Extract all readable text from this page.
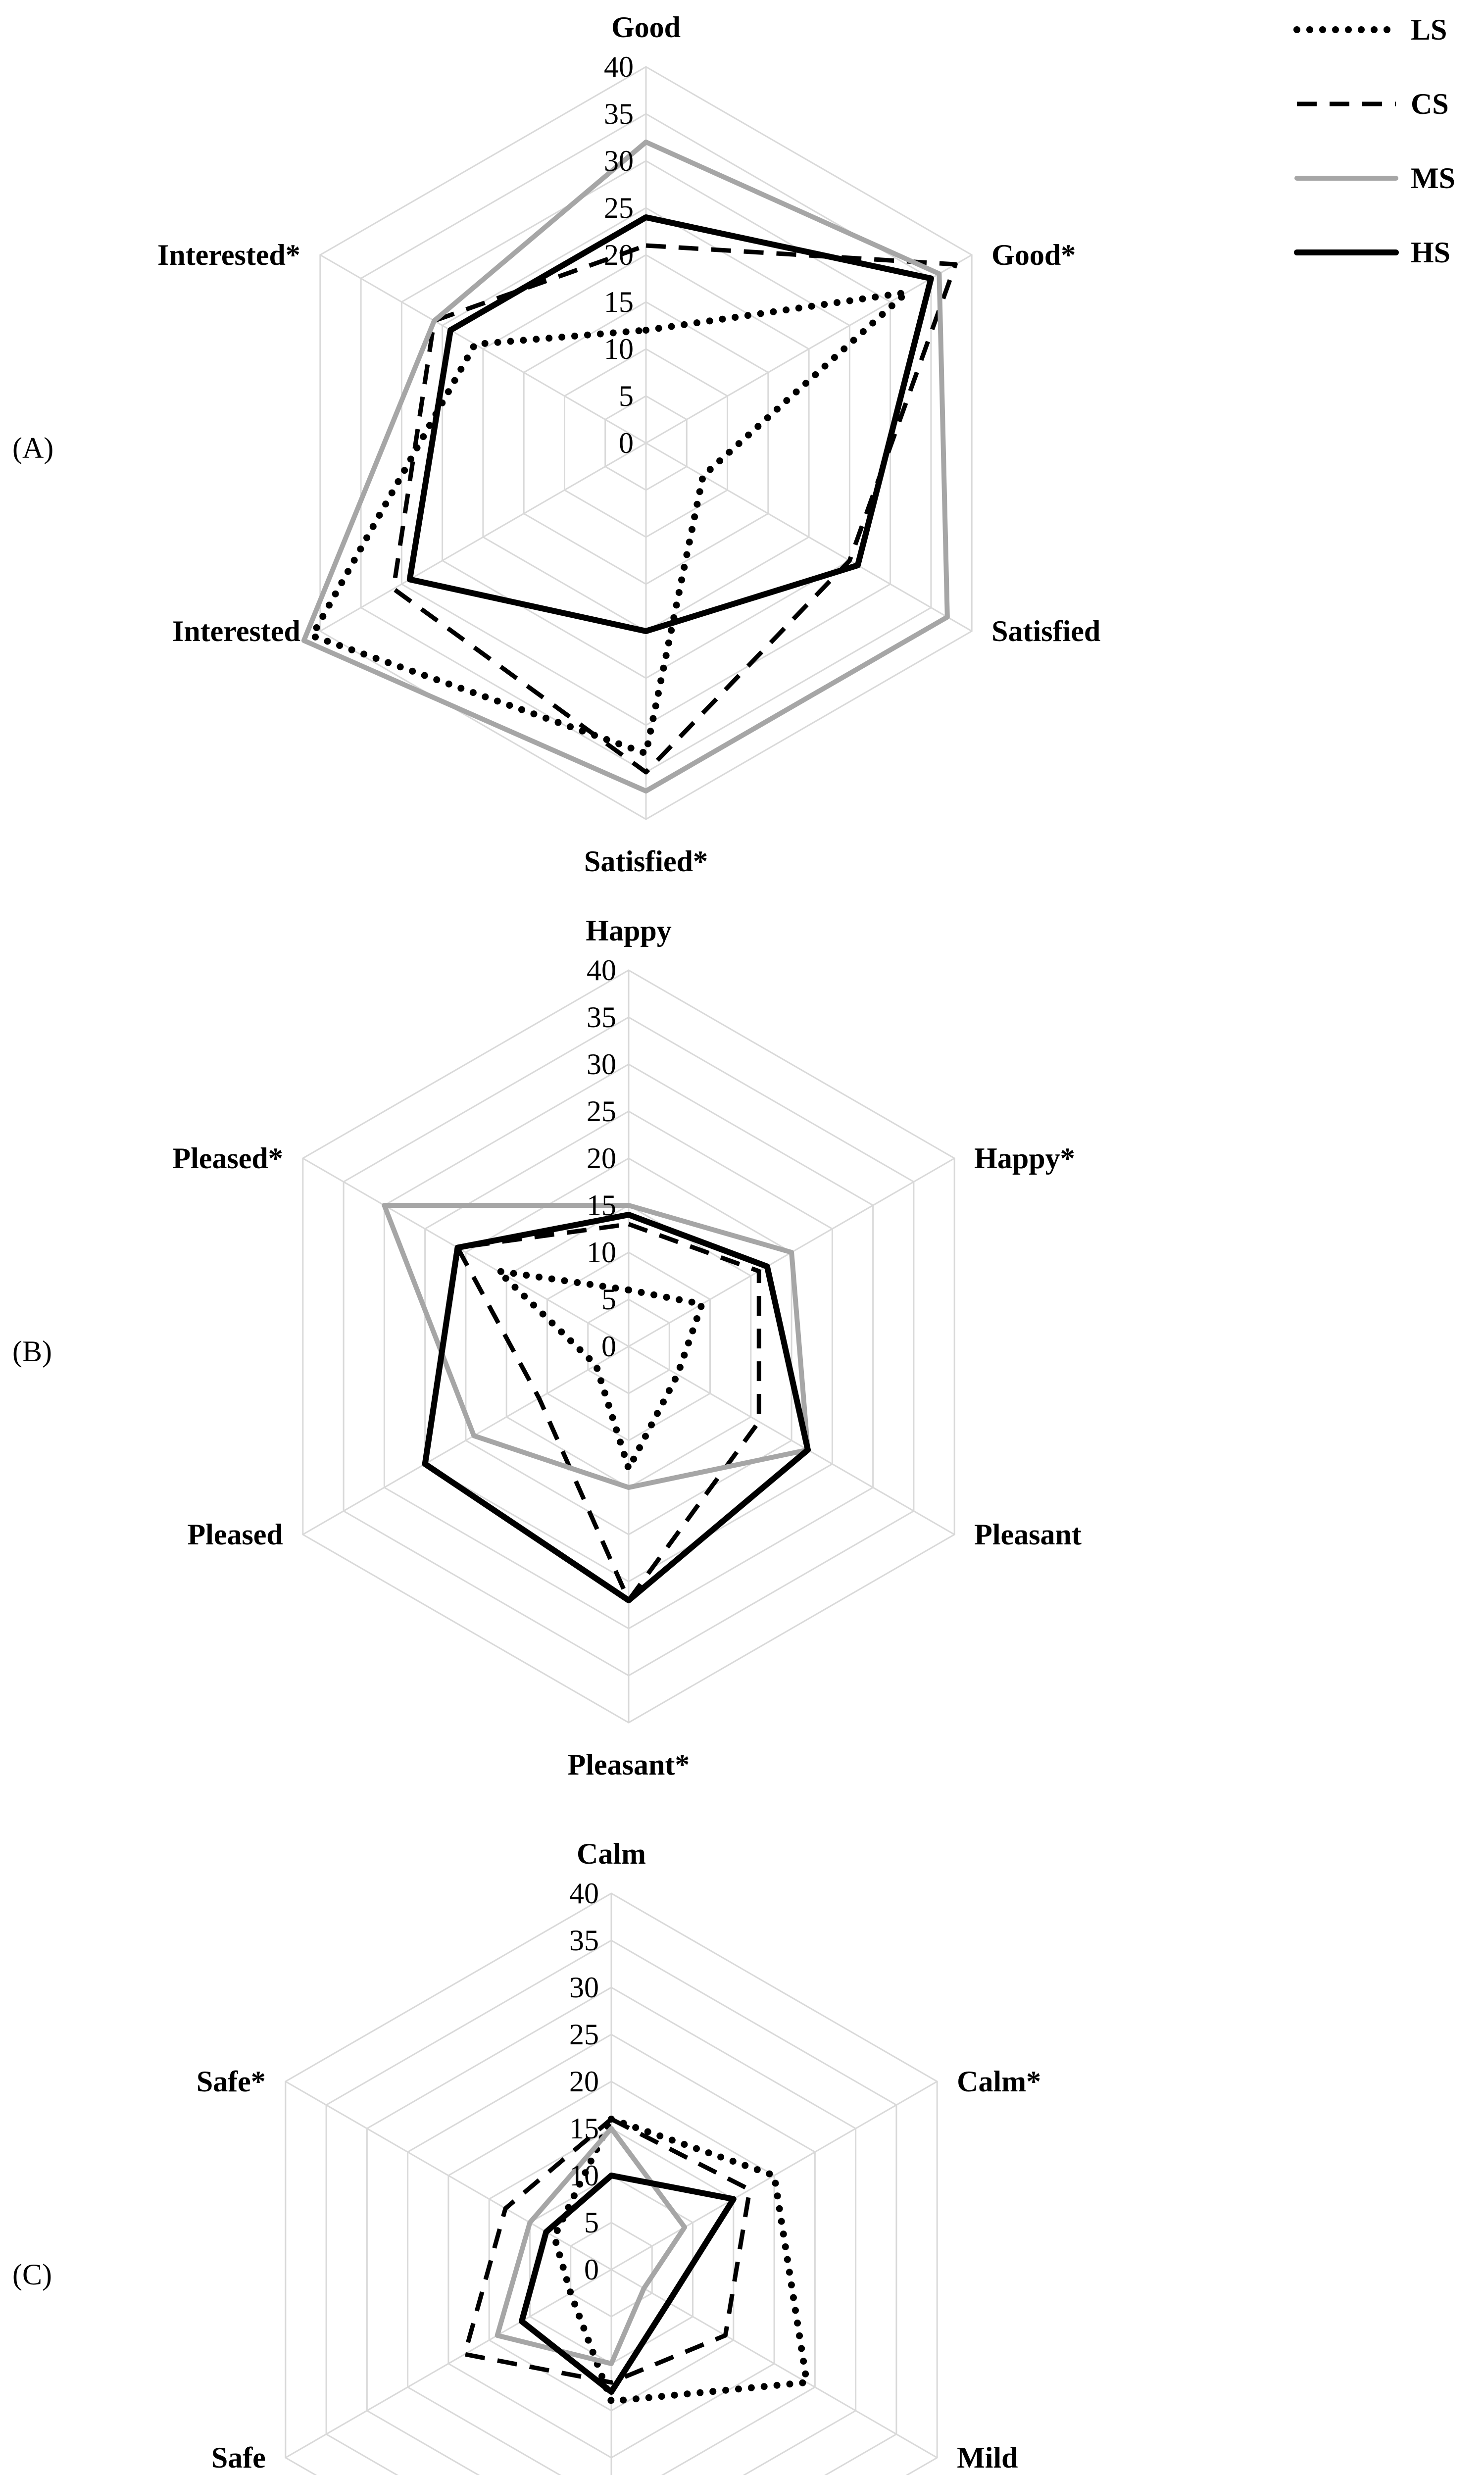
LS
CS
MS
HS
0
5
10
15
20
25
30
35
40
Good
Good*
Satisfied
Satisfied*
Interested
Interested*
(A)
0
5
10
15
20
25
30
35
40
Happy
Happy*
Pleasant
Pleasant*
Pleased
Pleased*
(B)
0
5
10
15
20
25
30
35
40
Calm
Calm*
Mild
Safe
Safe*
(C)
